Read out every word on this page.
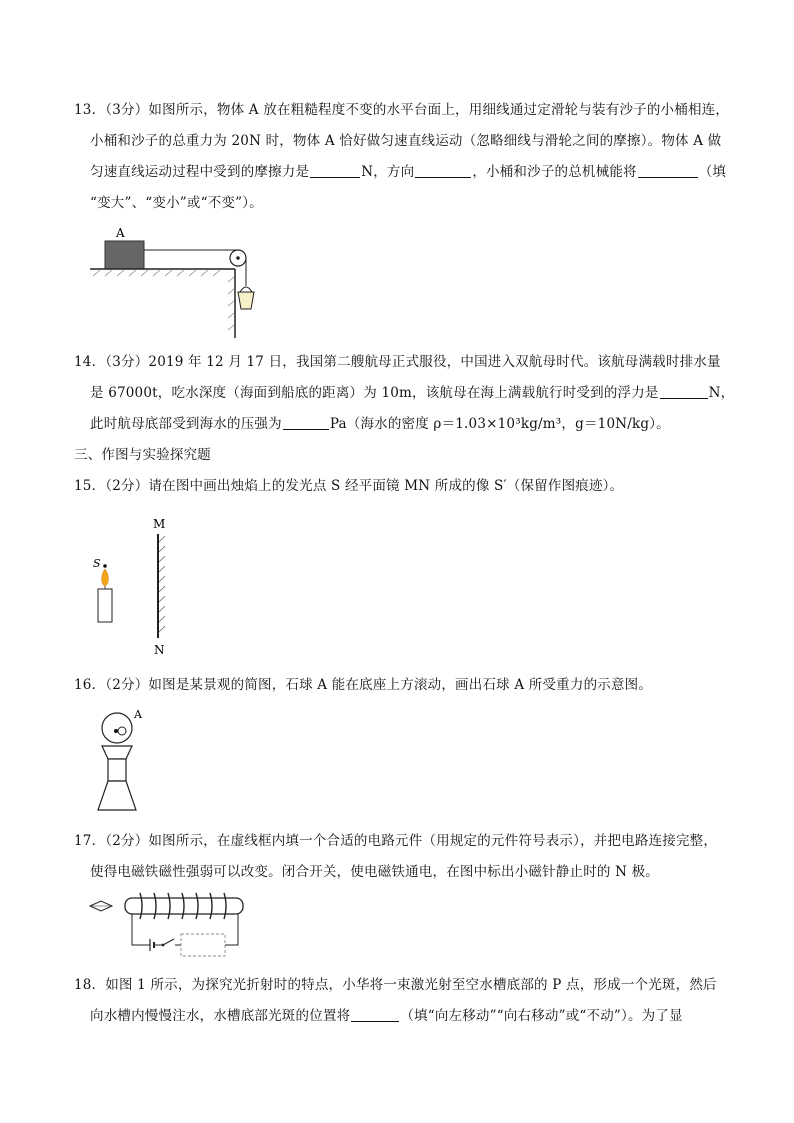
13．（3分）如图所示，物体 A 放在粗糙程度不变的水平台面上，用细线通过定滑轮与装有沙子的小桶相连，
小桶和沙子的总重力为 20N 时，物体 A 恰好做匀速直线运动（忽略细线与滑轮之间的摩擦）。物体 A 做
匀速直线运动过程中受到的摩擦力是	N，方向	，小桶和沙子的总机械能将	（填
“变大”、“变小”或“不变”）。
A
14．（3分）2019 年 12 月 17 日，我国第二艘航母正式服役，中国进入双航母时代。该航母满载时排水量
是 67000t，吃水深度（海面到船底的距离）为 10m，该航母在海上满载航行时受到的浮力是	N，
此时航母底部受到海水的压强为	Pa（海水的密度 ρ＝1.03×10³kg/m³，g＝10N/kg）。
三、作图与实验探究题
15．（2分）请在图中画出烛焰上的发光点 S 经平面镜 MN 所成的像 S′（保留作图痕迹）。
M
N
S
16．（2分）如图是某景观的简图，石球 A 能在底座上方滚动，画出石球 A 所受重力的示意图。
A
17．（2分）如图所示，在虚线框内填一个合适的电路元件（用规定的元件符号表示），并把电路连接完整，
使得电磁铁磁性强弱可以改变。闭合开关，使电磁铁通电，在图中标出小磁针静止时的 N 极。
18．如图 1 所示，为探究光折射时的特点，小华将一束激光射至空水槽底部的 P 点，形成一个光斑，然后
向水槽内慢慢注水，水槽底部光斑的位置将	（填“向左移动”“向右移动”或“不动”）。为了显
